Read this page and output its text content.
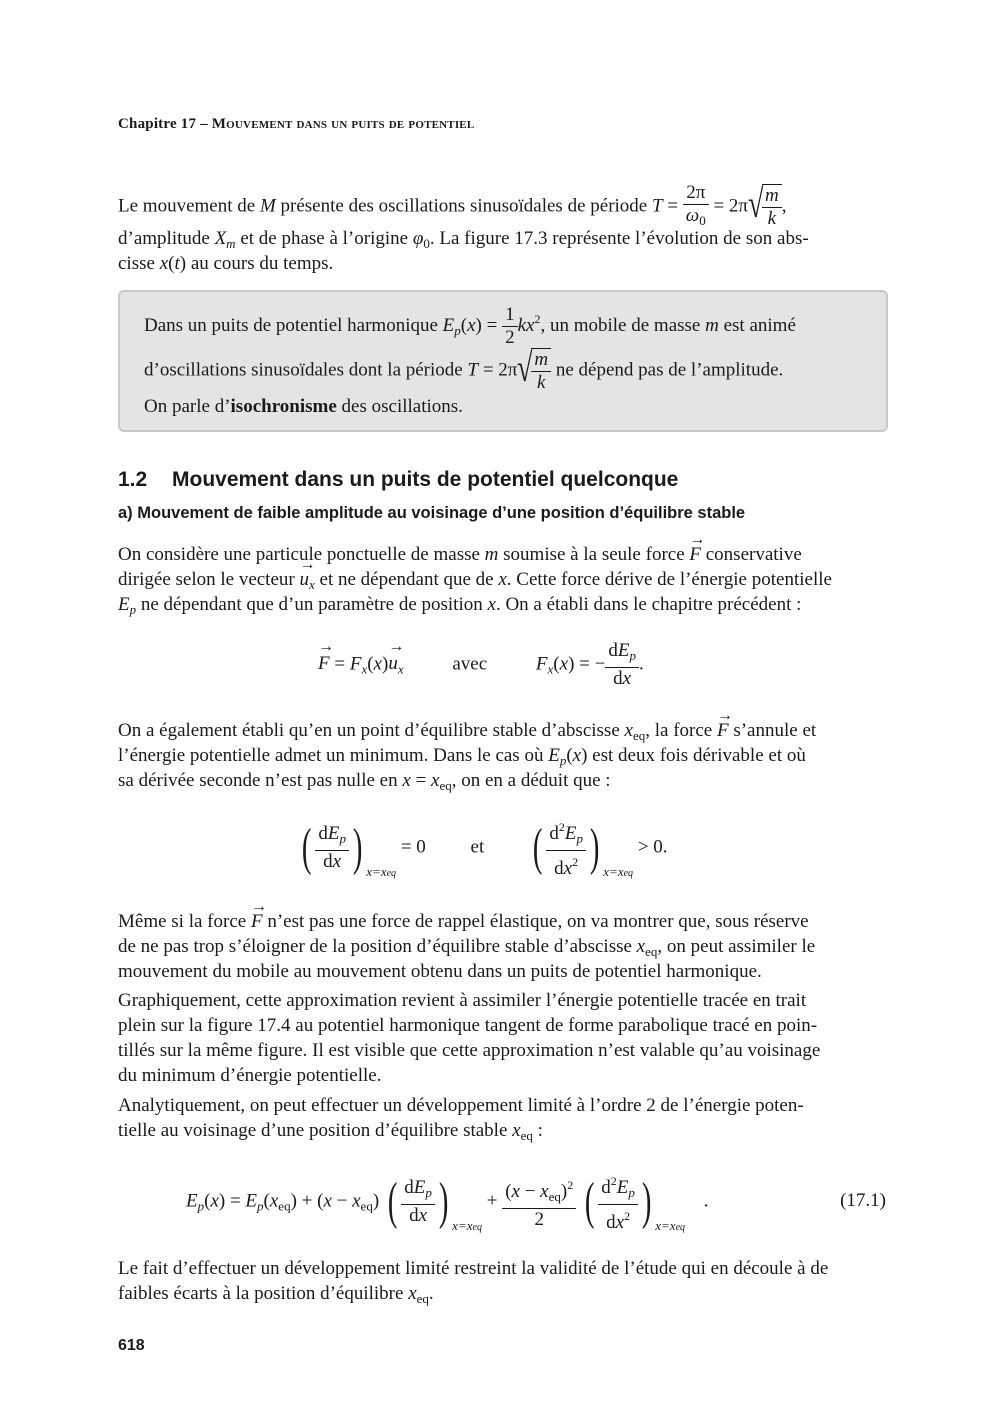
Chapitre 17 – Mouvement dans un puits de potentiel

Le mouvement de M présente des oscillations sinusoïdales de période $T = \frac{2\pi}{\omega_0} = 2\pi$ √
$\frac{m}{k}$ ,

d’amplitude $X_m$ et de phase à l’origine $\varphi_0$. La figure 17.3 représente l’évolution de son abs-

cisse x(t) au cours du temps.

Dans un puits de potentiel harmonique $E_p(x) = \frac{1}{2} kx^2$, un mobile de masse m est animé
d’oscillations sinusoïdales dont la période T = 2π √
$\frac{m}{k}$ ne dépend pas de l’amplitude.
On parle d’isochronisme des oscillations.
1.2 Mouvement dans un puits de potentiel quelconque
a) Mouvement de faible amplitude au voisinage d’une position d’équilibre stable

On considère une particule ponctuelle de masse m soumise à la seule force → F conservative

dirigée selon le vecteur → $u_x$ et ne dépendant que de x. Cette force dérive de l’énergie potentielle

$E_p$ ne dépendant que d’un paramètre de position x. On a établi dans le chapitre précédent :

→ $F = F_x(x)\to u_x$	avec	$F_x(x)$ = − $\frac{dE_p}{dx}$ .

On a également établi qu’en un point d’équilibre stable d’abscisse $x_{eq}$, la force → F s’annule et

l’énergie potentielle admet un minimum. Dans le cas où $E_p(x)$ est deux fois dérivable et où

sa dérivée seconde n’est pas nulle en $x = x_{eq}$, on en a déduit que :

( $\frac{dE_p}{dx}$ ) $_{x=xeq}$ = 0 et ( $\frac{d^2E_p}{dx^2}$ ) $_{x=xeq}$ > 0.

Même si la force → F n’est pas une force de rappel élastique, on va montrer que, sous réserve

de ne pas trop s’éloigner de la position d’équilibre stable d’abscisse $x_{eq}$, on peut assimiler le

mouvement du mobile au mouvement obtenu dans un puits de potentiel harmonique.

Graphiquement, cette approximation revient à assimiler l’énergie potentielle tracée en trait

plein sur la figure 17.4 au potentiel harmonique tangent de forme parabolique tracé en poin-

tillés sur la même figure. Il est visible que cette approximation n’est valable qu’au voisinage

du minimum d’énergie potentielle.

Analytiquement, on peut effectuer un développement limité à l’ordre 2 de l’énergie poten-

tielle au voisinage d’une position d’équilibre stable $x_{eq}$ :

$E_p(x) = E_p(x_{eq}) + (x - x_{eq})$ ( $\frac{dE_p}{dx}$ ) $_{x=xeq} + \frac{(x - x_{eq})^2}{2}$ ( $\frac{d^2E_p}{dx^2}$ ) $_{x=xeq}$ .	(17.1)

Le fait d’effectuer un développement limité restreint la validité de l’étude qui en découle à de

faibles écarts à la position d’équilibre $x_{eq}$.

618
